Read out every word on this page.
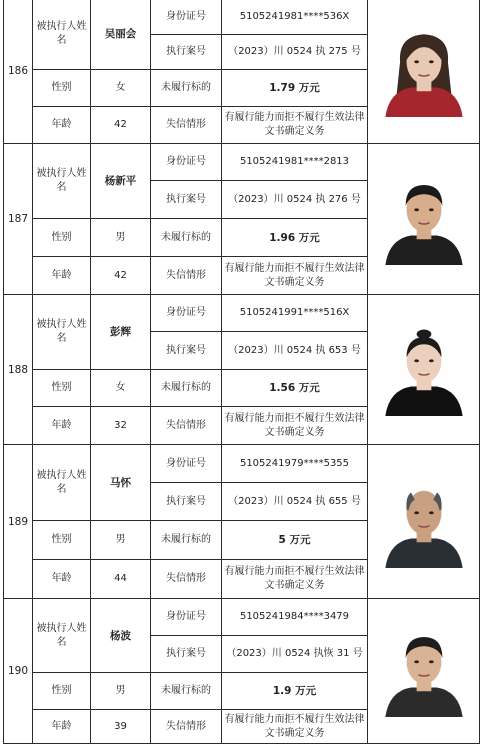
186	被执行人姓名	吴丽会	身份证号	5105241981****536X	

			执行案号	（2023）川 0524 执 275 号	
	性别	女	未履行标的	1.79 万元	
	年龄	42	失信情形	有履行能力而拒不履行生效法律文书确定义务	
187	被执行人姓名	杨新平	身份证号	5105241981****2813	

			执行案号	（2023）川 0524 执 276 号	
	性别	男	未履行标的	1.96 万元	
	年龄	42	失信情形	有履行能力而拒不履行生效法律文书确定义务	
188	被执行人姓名	彭辉	身份证号	5105241991****516X	

			执行案号	（2023）川 0524 执 653 号	
	性别	女	未履行标的	1.56 万元	
	年龄	32	失信情形	有履行能力而拒不履行生效法律文书确定义务	
189	被执行人姓名	马怀	身份证号	5105241979****5355	

			执行案号	（2023）川 0524 执 655 号	
	性别	男	未履行标的	5 万元	
	年龄	44	失信情形	有履行能力而拒不履行生效法律文书确定义务	
190	被执行人姓名	杨波	身份证号	5105241984****3479	

			执行案号	（2023）川 0524 执恢 31 号	
	性别	男	未履行标的	1.9 万元	
	年龄	39	失信情形	有履行能力而拒不履行生效法律文书确定义务	
